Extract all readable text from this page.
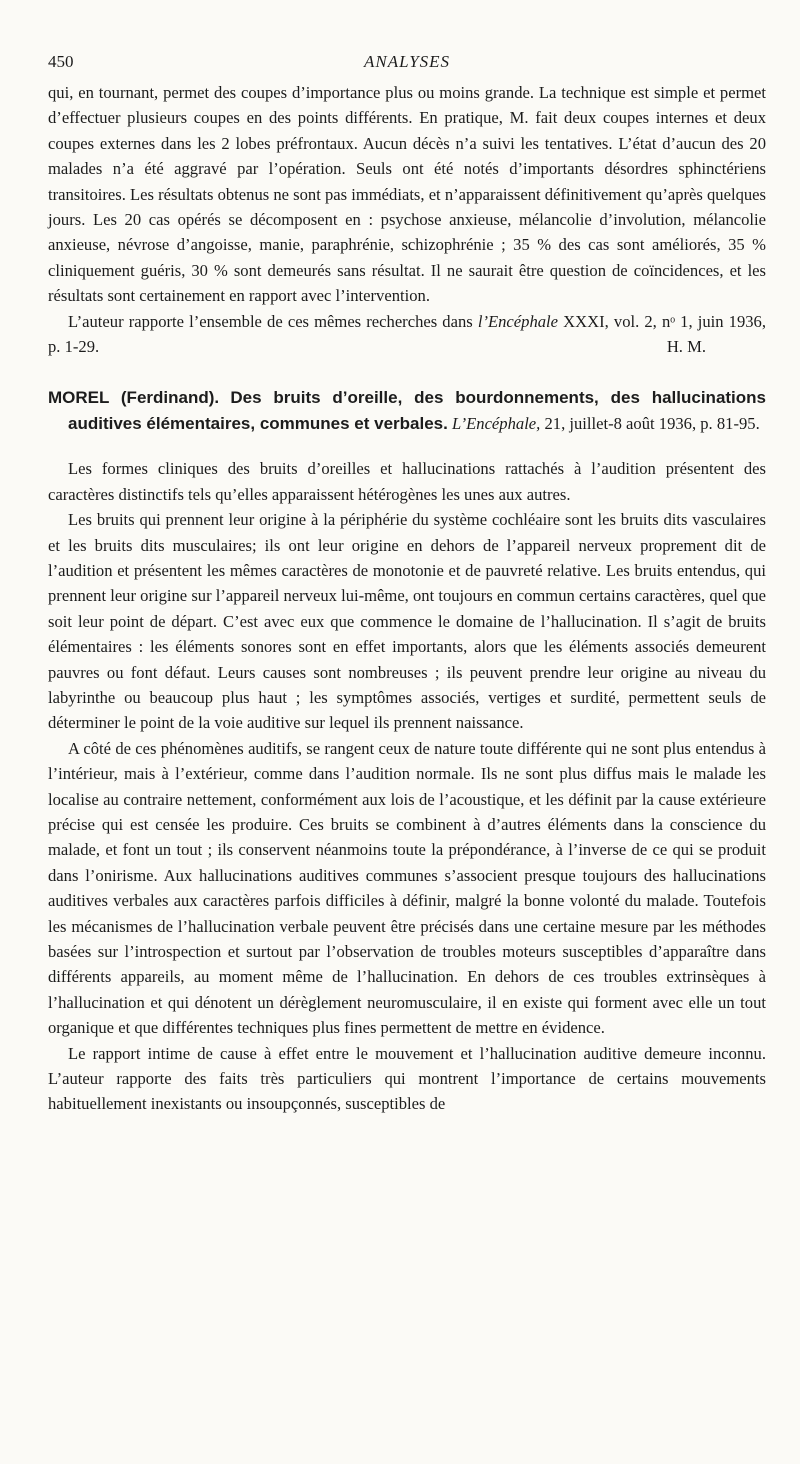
450	ANALYSES

qui, en tournant, permet des coupes d’importance plus ou moins grande. La technique est simple et permet d’effectuer plusieurs coupes en des points différents. En pratique, M. fait deux coupes internes et deux coupes externes dans les 2 lobes préfrontaux. Aucun décès n’a suivi les tentatives. L’état d’aucun des 20 malades n’a été aggravé par l’opération. Seuls ont été notés d’importants désordres sphinctériens transitoires. Les résultats obtenus ne sont pas immédiats, et n’apparaissent définitivement qu’après quelques jours. Les 20 cas opérés se décomposent en : psychose anxieuse, mélancolie d’involution, mélancolie anxieuse, névrose d’angoisse, manie, paraphrénie, schizophrénie ; 35 % des cas sont améliorés, 35 % cliniquement guéris, 30 % sont demeurés sans résultat. Il ne saurait être question de coïncidences, et les résultats sont certainement en rapport avec l’intervention.

L’auteur rapporte l’ensemble de ces mêmes recherches dans l’Encéphale XXXI, vol. 2, nᵒ 1, juin 1936, p. 1-29.	H. M.

MOREL (Ferdinand). Des bruits d’oreille, des bourdonnements, des hallucinations auditives élémentaires, communes et verbales. L’Encéphale, 21, juillet-8 août 1936, p. 81-95.

Les formes cliniques des bruits d’oreilles et hallucinations rattachés à l’audition présentent des caractères distinctifs tels qu’elles apparaissent hétérogènes les unes aux autres.

Les bruits qui prennent leur origine à la périphérie du système cochléaire sont les bruits dits vasculaires et les bruits dits musculaires; ils ont leur origine en dehors de l’appareil nerveux proprement dit de l’audition et présentent les mêmes caractères de monotonie et de pauvreté relative. Les bruits entendus, qui prennent leur origine sur l’appareil nerveux lui-même, ont toujours en commun certains caractères, quel que soit leur point de départ. C’est avec eux que commence le domaine de l’hallucination. Il s’agit de bruits élémentaires : les éléments sonores sont en effet importants, alors que les éléments associés demeurent pauvres ou font défaut. Leurs causes sont nombreuses ; ils peuvent prendre leur origine au niveau du labyrinthe ou beaucoup plus haut ; les symptômes associés, vertiges et surdité, permettent seuls de déterminer le point de la voie auditive sur lequel ils prennent naissance.

A côté de ces phénomènes auditifs, se rangent ceux de nature toute différente qui ne sont plus entendus à l’intérieur, mais à l’extérieur, comme dans l’audition normale. Ils ne sont plus diffus mais le malade les localise au contraire nettement, conformément aux lois de l’acoustique, et les définit par la cause extérieure précise qui est censée les produire. Ces bruits se combinent à d’autres éléments dans la conscience du malade, et font un tout ; ils conservent néanmoins toute la prépondérance, à l’inverse de ce qui se produit dans l’onirisme. Aux hallucinations auditives communes s’associent presque toujours des hallucinations auditives verbales aux caractères parfois difficiles à définir, malgré la bonne volonté du malade. Toutefois les mécanismes de l’hallucination verbale peuvent être précisés dans une certaine mesure par les méthodes basées sur l’introspection et surtout par l’observation de troubles moteurs susceptibles d’apparaître dans différents appareils, au moment même de l’hallucination. En dehors de ces troubles extrinsèques à l’hallucination et qui dénotent un dérèglement neuromusculaire, il en existe qui forment avec elle un tout organique et que différentes techniques plus fines permettent de mettre en évidence.

Le rapport intime de cause à effet entre le mouvement et l’hallucination auditive demeure inconnu. L’auteur rapporte des faits très particuliers qui montrent l’importance de certains mouvements habituellement inexistants ou insoupçonnés, susceptibles de
